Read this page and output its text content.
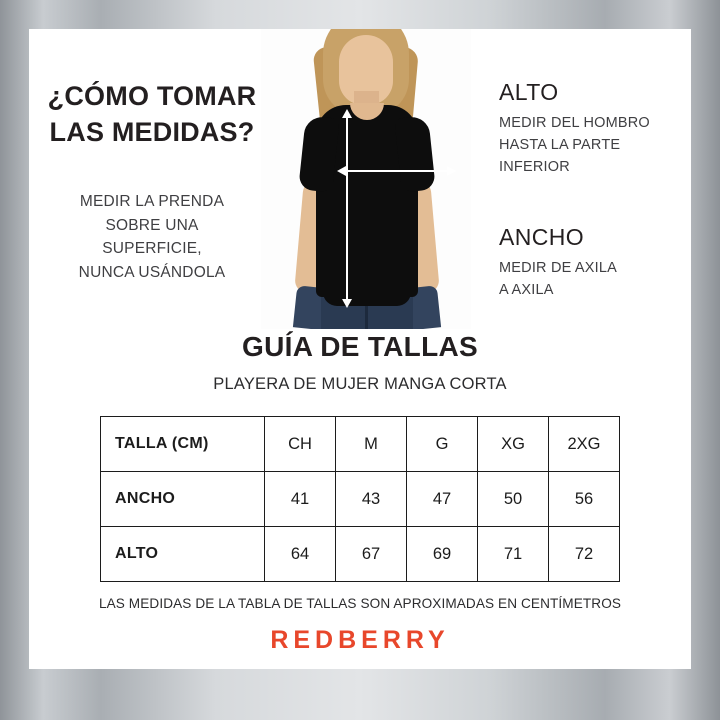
¿CÓMO TOMAR
LAS MEDIDAS?
MEDIR LA PRENDA
SOBRE UNA
SUPERFICIE,
NUNCA USÁNDOLA

ALTO

MEDIR DEL HOMBRO

HASTA LA PARTE

INFERIOR

ANCHO

MEDIR DE AXILA

A AXILA

GUÍA DE TALLAS

PLAYERA DE MUJER MANGA CORTA

TALLA (CM)	CH	M	G	XG	2XG
ANCHO	41	43	47	50	56
ALTO	64	67	69	71	72

LAS MEDIDAS DE LA TABLA DE TALLAS SON APROXIMADAS EN CENTÍMETROS

REDBERRY
